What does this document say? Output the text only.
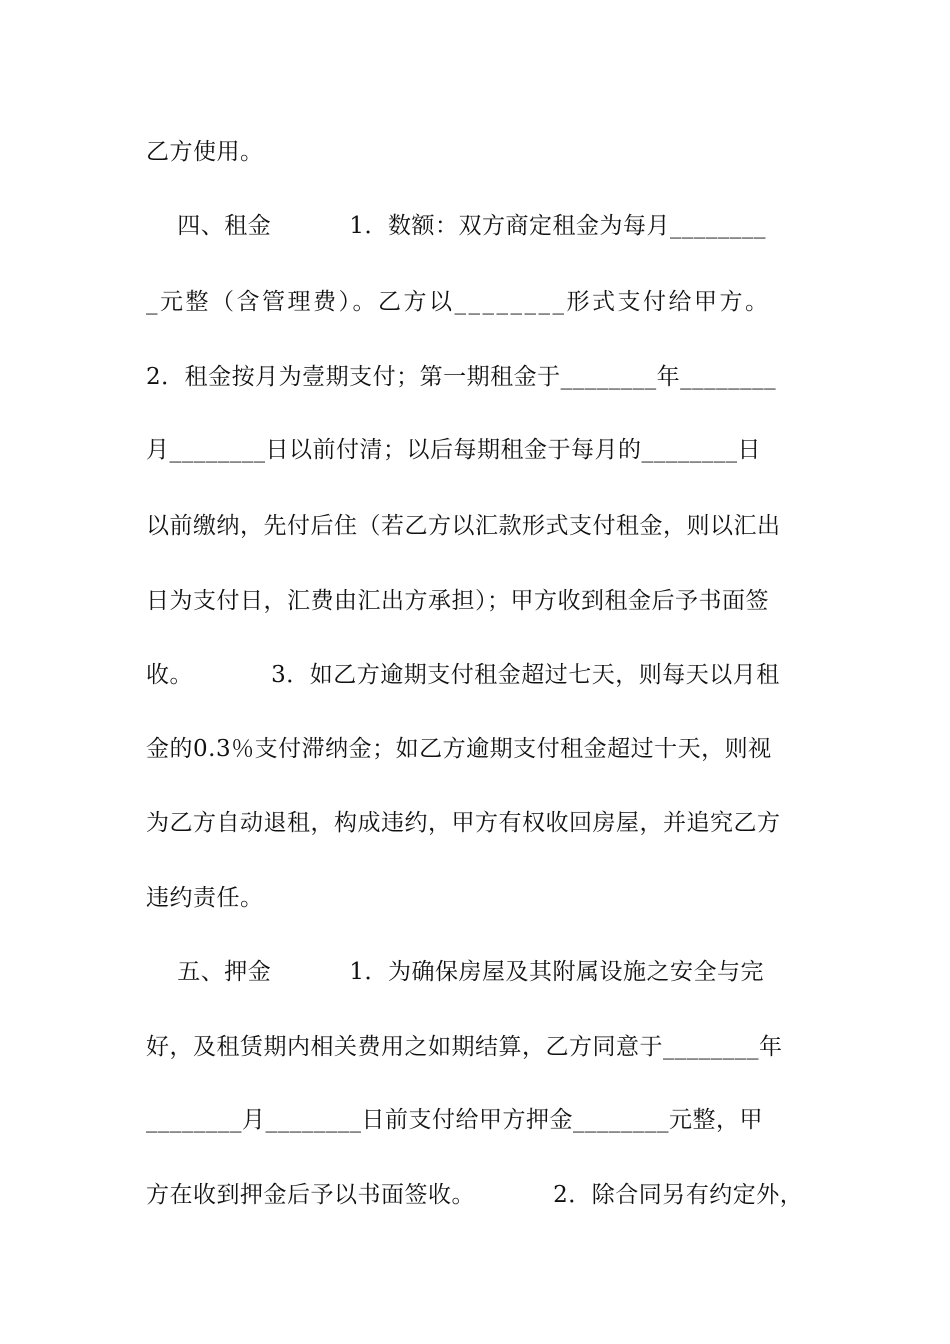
乙方使用。
四、租金          1．数额：双方商定租金为每月________
_元整（含管理费）。乙方以________形式支付给甲方。
2．租金按月为壹期支付；第一期租金于________年________
月________日以前付清；以后每期租金于每月的________日
以前缴纳，先付后住（若乙方以汇款形式支付租金，则以汇出
日为支付日，汇费由汇出方承担）；甲方收到租金后予书面签
收。          3．如乙方逾期支付租金超过七天，则每天以月租
金的0.3％支付滞纳金；如乙方逾期支付租金超过十天，则视
为乙方自动退租，构成违约，甲方有权收回房屋，并追究乙方
违约责任。
五、押金          1．为确保房屋及其附属设施之安全与完
好，及租赁期内相关费用之如期结算，乙方同意于________年
________月________日前支付给甲方押金________元整，甲
方在收到押金后予以书面签收。          2．除合同另有约定外，
